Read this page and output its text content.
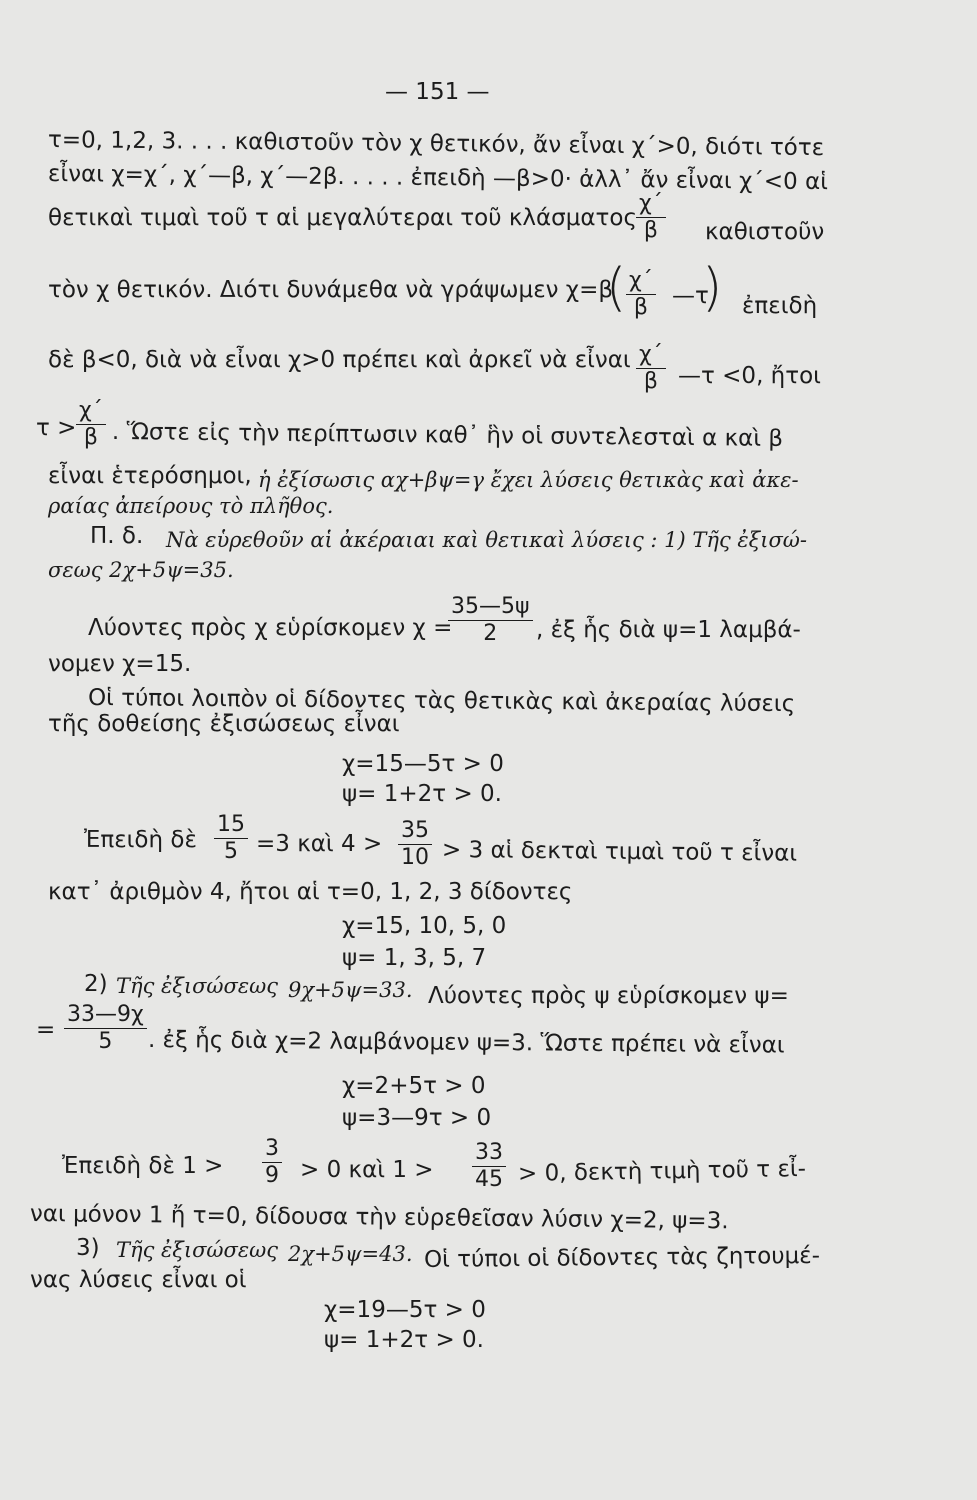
— 151 —
τ=0, 1,2, 3. . . . καθιστοῦν τὸν χ θετικόν, ἄν εἶναι χ΄>0, διότι τότε
εἶναι χ=χ΄, χ΄—β, χ΄—2β. . . . . ἐπειδὴ —β>0· ἀλλ᾽ ἄν εἶναι χ΄<0 αἱ
θετικαὶ τιμαὶ τοῦ τ αἱ μεγαλύτεραι τοῦ κλάσματος $\frac{\chi΄}{\beta}$ καθιστοῦν
τὸν χ θετικόν. Διότι δυνάμεθα νὰ γράψωμεν χ=β
( $\frac{\chi΄}{\beta}$ —τ
) ἐπειδὴ
δὲ β<0, διὰ νὰ εἶναι χ>0 πρέπει καὶ ἀρκεῖ νὰ εἶναι $\frac{\chi΄}{\beta}$ —τ <0, ἤτοι
$\tau > \frac{\chi΄}{\beta}$ . Ὥστε εἰς τὴν περίπτωσιν καθ᾽ ἣν οἱ συντελεσταὶ α καὶ β
εἶναι ἑτερόσημοι, ἡ ἐξίσωσις αχ+βψ=γ ἔχει λύσεις θετικὰς καὶ ἀκε-
ραίας ἀπείρους τὸ πλῆθος.
Π. δ. Νὰ εὑρεθοῦν αἱ ἀκέραιαι καὶ θετικαὶ λύσεις : 1) Τῆς ἐξισώ-
σεως 2χ+5ψ=35.
Λύοντες πρὸς χ εὑρίσκομεν χ =
$\frac{35—5\psi}{2}$ , ἐξ ἧς διὰ ψ=1 λαμβά-
νομεν χ=15.
Οἱ τύποι λοιπὸν οἱ δίδοντες τὰς θετικὰς καὶ ἀκεραίας λύσεις
τῆς δοθείσης ἐξισώσεως εἶναι
χ=15—5τ > 0
ψ= 1+2τ > 0.
Ἐπειδὴ δὲ $\frac{15}{5} =3$ καὶ $4 > \frac{35}{10} > 3$ αἱ δεκταὶ τιμαὶ τοῦ τ εἶναι
κατ᾽ ἀριθμὸν 4, ἤτοι αἱ τ=0, 1, 2, 3 δίδοντες
χ=15, 10, 5, 0
ψ= 1, 3, 5, 7
2) Τῆς ἐξισώσεως 9χ+5ψ=33. Λύοντες πρὸς ψ εὑρίσκομεν ψ=
= $\frac{33—9\chi}{5}$ . ἐξ ἧς διὰ χ=2 λαμβάνομεν ψ=3. Ὥστε πρέπει νὰ εἶναι
χ=2+5τ > 0
ψ=3—9τ > 0
Ἐπειδὴ δὲ $1 > \frac{3}{9} > 0$ καὶ $1 > \frac{33}{45} > 0$, δεκτὴ τιμὴ τοῦ τ εἶ-
ναι μόνον 1 ἤ τ=0, δίδουσα τὴν εὑρεθεῖσαν λύσιν χ=2, ψ=3.
3) Τῆς ἐξισώσεως 2χ+5ψ=43. Οἱ τύποι οἱ δίδοντες τὰς ζητουμέ-
νας λύσεις εἶναι οἱ
χ=19—5τ > 0
ψ= 1+2τ > 0.
